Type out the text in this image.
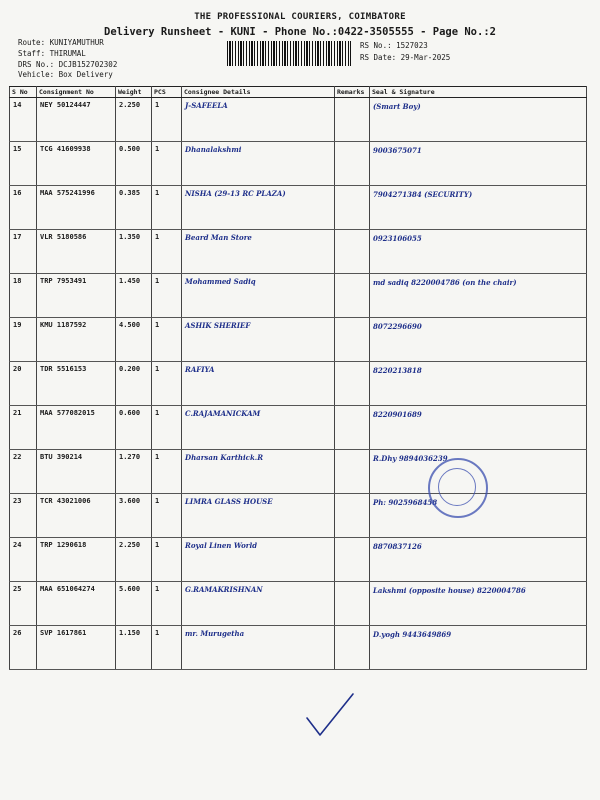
THE PROFESSIONAL COURIERS, COIMBATORE
Delivery Runsheet - KUNI - Phone No.:0422-3505555 - Page No.:2
Route: KUNIYAMUTHUR
Staff: THIRUMAL
DRS No.: DCJB152702302
Vehicle: Box Delivery
RS No.: 1527023
RS Date: 29-Mar-2025
S No	Consignment No	Weight	PCS	Consignee Details	Remarks	Seal & Signature
14	NEY 50124447	2.250	1	J-SAFEELA		(Smart Boy)
15	TCG 41609938	0.500	1	Dhanalakshmi		9003675071
16	MAA 575241996	0.385	1	NISHA (29-13 RC PLAZA)		7904271384 (SECURITY)
17	VLR 5180586	1.350	1	Beard Man Store		0923106055
18	TRP 7953491	1.450	1	Mohammed Sadiq		md sadiq 8220004786 (on the chair)
19	KMU 1187592	4.500	1	ASHIK SHERIEF		8072296690
20	TDR 5516153	0.200	1	RAFIYA		8220213818
21	MAA 577082015	0.600	1	C.RAJAMANICKAM		8220901689
22	BTU 390214	1.270	1	Dharsan Karthick.R		R.Dhy 9894036239
23	TCR 43021006	3.600	1	LIMRA GLASS HOUSE		Ph: 9025968458
24	TRP 1290618	2.250	1	Royal Linen World		8870837126
25	MAA 651064274	5.600	1	G.RAMAKRISHNAN		Lakshmi (opposite house) 8220004786
26	SVP 1617861	1.150	1	mr. Murugetha		D.yogh 9443649869
